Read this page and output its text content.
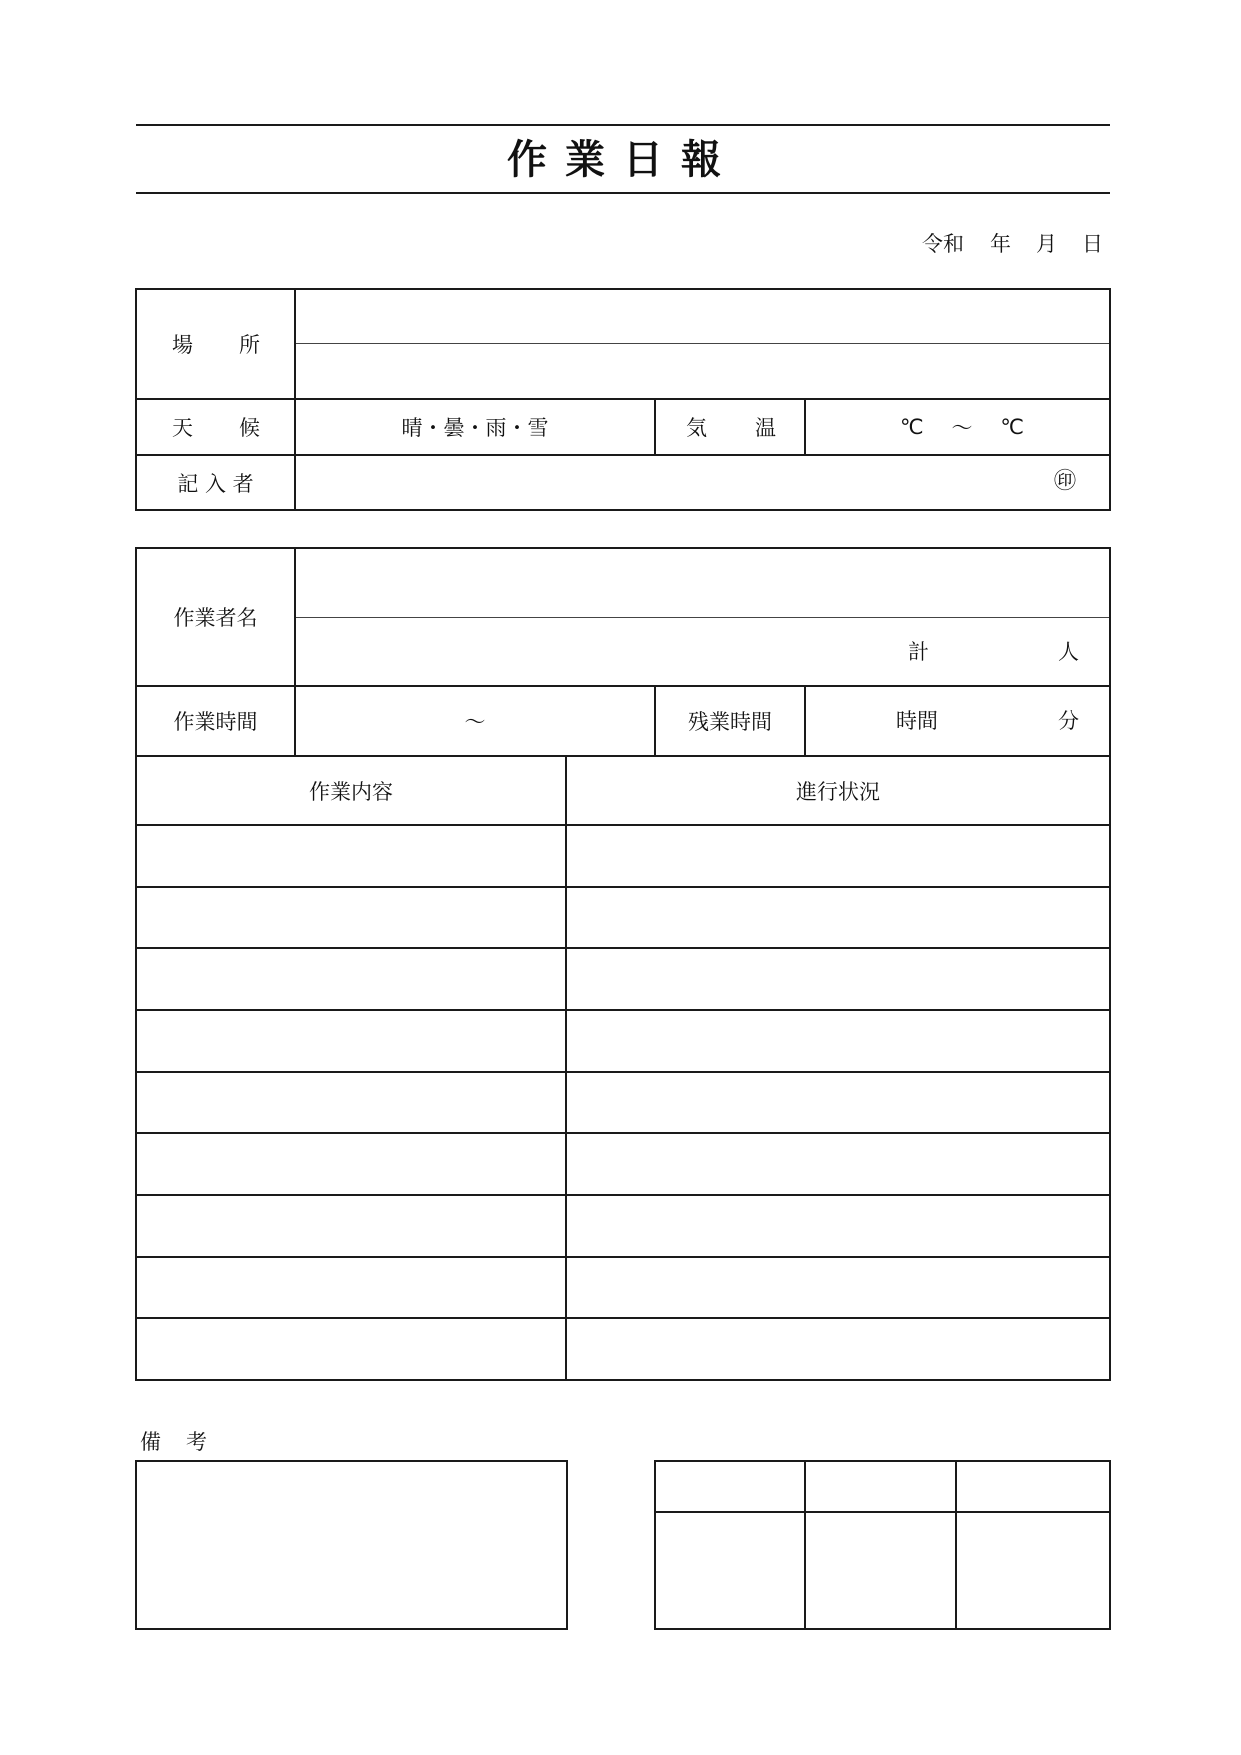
作業日報
令和 年 月 日
場 所
天 候	晴・曇・雨・雪	気 温	℃ ～ ℃
記 入 者	㊞
作業者名
計	人
作業時間	～	残業時間	時間	分
作業内容	進行状況
備 考
